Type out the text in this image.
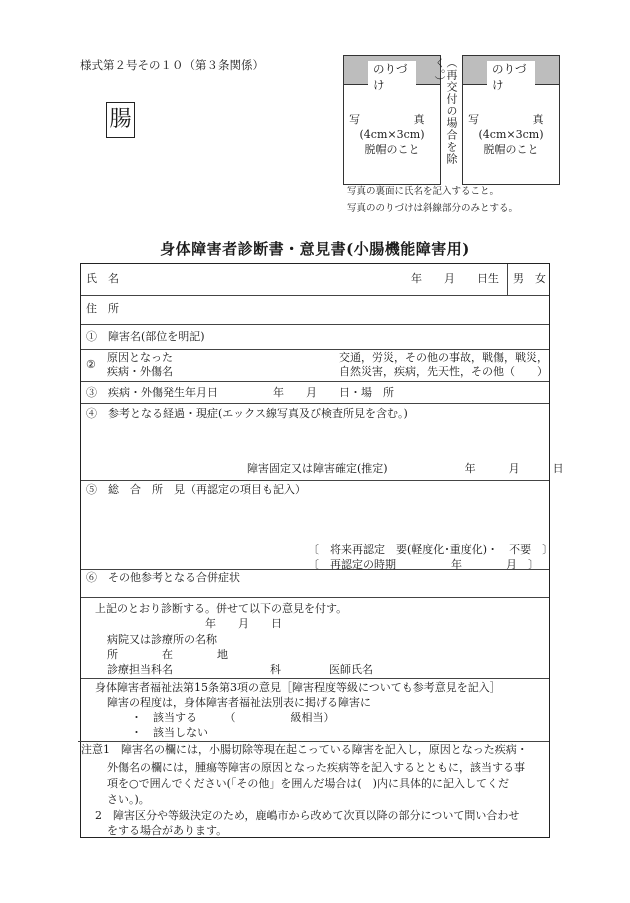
様式第２号その１０（第３条関係）
腸
のりづけ
写　　真
(4cm×3cm)
脱帽のこと	（再交付の場合を除く。）	のりづけ
写　　真
(4cm×3cm)
脱帽のこと
写真の裏面に氏名を記入すること。
写真ののりづけは斜線部分のみとする。
身体障害者診断書・意見書(小腸機能障害用)
氏　名	年　　月　　日生 男　女
住　所
①　障害名(部位を明記)
②
原因となった
疾病・外傷名
交通，労災，その他の事故，戦傷，戦災，
自然災害，疾病，先天性，その他（　　）
③　疾病・外傷発生年月日　　　　　年　　月　　日・場　所
④　参考となる経過・現症(エックス線写真及び検査所見を含む。)
障害固定又は障害確定(推定)　　　　　　　年　　　月　　　日
⑤　総　合　所　見（再認定の項目も記入）
〔　将来再認定　要(軽度化･重度化)・　不要　〕
〔　再認定の時期　　　　　年　　　　月　〕
⑥　その他参考となる合併症状
上記のとおり診断する。併せて以下の意見を付す。
年　　月　　日
病院又は診療所の名称
所　　　　在　　　　地
診療担当科名	科	医師氏名
身体障害者福祉法第15条第3項の意見［障害程度等級についても参考意見を記入］
障害の程度は，身体障害者福祉法別表に掲げる障害に
・　該当する　　　（　　　　　級相当）
・　該当しない
注意1　障害名の欄には，小腸切除等現在起こっている障害を記入し，原因となった疾病・
外傷名の欄には，腫瘍等障害の原因となった疾病等を記入するとともに，該当する事
項を○で囲んでください(「その他」を囲んだ場合は(　)内に具体的に記入してくだ
さい。)。
2　障害区分や等級決定のため，鹿嶋市から改めて次頁以降の部分について問い合わせ
をする場合があります。
